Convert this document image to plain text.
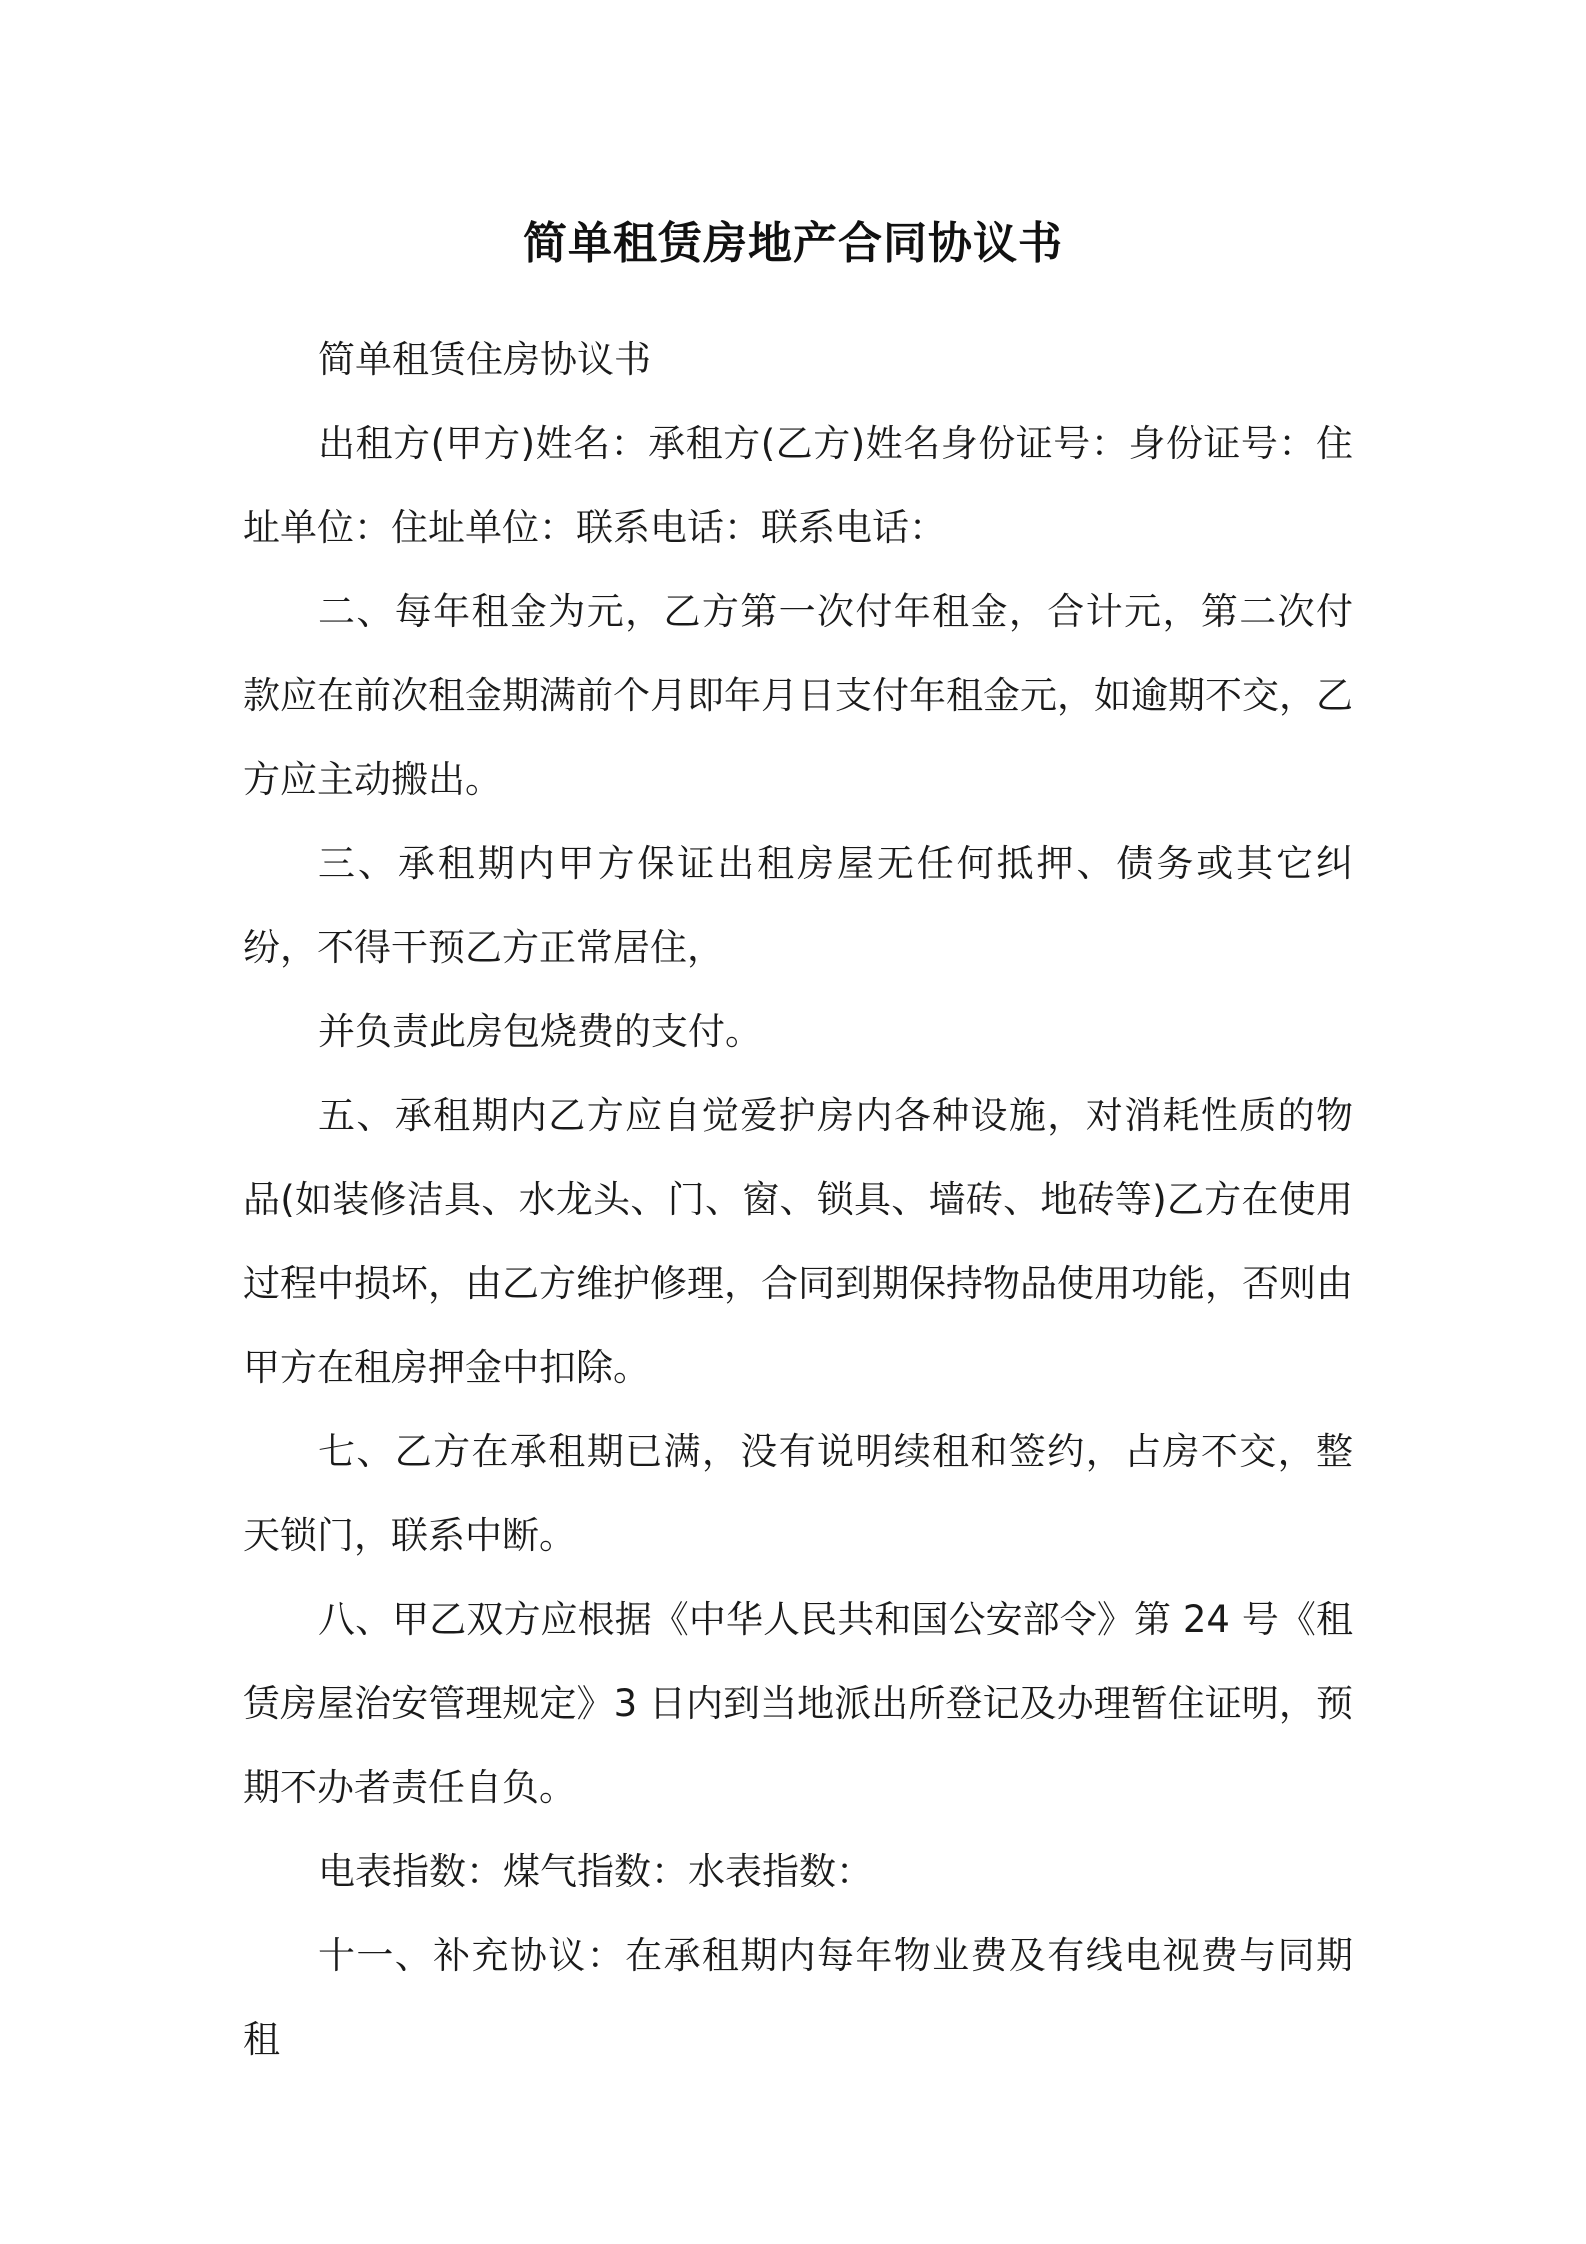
简单租赁房地产合同协议书

简单租赁住房协议书

出租方(甲方)姓名：承租方(乙方)姓名身份证号：身份证号：住址单位：住址单位：联系电话：联系电话：

二、每年租金为元，乙方第一次付年租金，合计元，第二次付款应在前次租金期满前个月即年月日支付年租金元，如逾期不交，乙方应主动搬出。

三、承租期内甲方保证出租房屋无任何抵押、债务或其它纠纷，不得干预乙方正常居住，

并负责此房包烧费的支付。

五、承租期内乙方应自觉爱护房内各种设施，对消耗性质的物品(如装修洁具、水龙头、门、窗、锁具、墙砖、地砖等)乙方在使用过程中损坏，由乙方维护修理，合同到期保持物品使用功能，否则由甲方在租房押金中扣除。

七、乙方在承租期已满，没有说明续租和签约，占房不交，整天锁门，联系中断。

八、甲乙双方应根据《中华人民共和国公安部令》第 24 号《租赁房屋治安管理规定》3 日内到当地派出所登记及办理暂住证明，预期不办者责任自负。

电表指数：煤气指数：水表指数：

十一、补充协议：在承租期内每年物业费及有线电视费与同期租
